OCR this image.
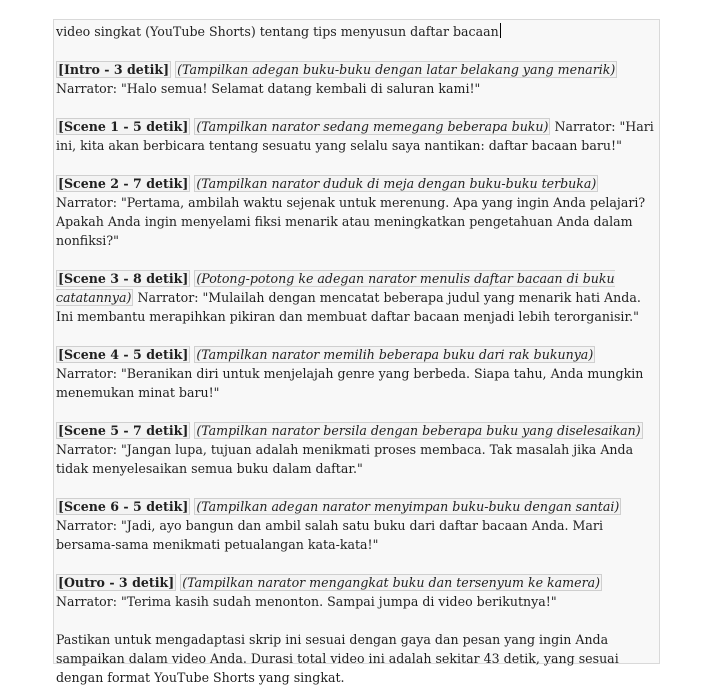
video singkat (YouTube Shorts) tentang tips menyusun daftar bacaan
[Intro - 3 detik] (Tampilkan adegan buku-buku dengan latar belakang yang menarik)
Narrator: "Halo semua! Selamat datang kembali di saluran kami!"
[Scene 1 - 5 detik] (Tampilkan narator sedang memegang beberapa buku) Narrator: "Hari ini, kita akan berbicara tentang sesuatu yang selalu saya nantikan: daftar bacaan baru!"
[Scene 2 - 7 detik] (Tampilkan narator duduk di meja dengan buku-buku terbuka) Narrator: "Pertama, ambilah waktu sejenak untuk merenung. Apa yang ingin Anda pelajari? Apakah Anda ingin menyelami fiksi menarik atau meningkatkan pengetahuan Anda dalam nonfiksi?"
[Scene 3 - 8 detik] (Potong-potong ke adegan narator menulis daftar bacaan di buku catatannya) Narrator: "Mulailah dengan mencatat beberapa judul yang menarik hati Anda. Ini membantu merapihkan pikiran dan membuat daftar bacaan menjadi lebih terorganisir."
[Scene 4 - 5 detik] (Tampilkan narator memilih beberapa buku dari rak bukunya) Narrator: "Beranikan diri untuk menjelajah genre yang berbeda. Siapa tahu, Anda mungkin menemukan minat baru!"
[Scene 5 - 7 detik] (Tampilkan narator bersila dengan beberapa buku yang diselesaikan)
Narrator: "Jangan lupa, tujuan adalah menikmati proses membaca. Tak masalah jika Anda tidak menyelesaikan semua buku dalam daftar."
[Scene 6 - 5 detik] (Tampilkan adegan narator menyimpan buku-buku dengan santai)
Narrator: "Jadi, ayo bangun dan ambil salah satu buku dari daftar bacaan Anda. Mari bersama-sama menikmati petualangan kata-kata!"
[Outro - 3 detik] (Tampilkan narator mengangkat buku dan tersenyum ke kamera) Narrator: "Terima kasih sudah menonton. Sampai jumpa di video berikutnya!"
Pastikan untuk mengadaptasi skrip ini sesuai dengan gaya dan pesan yang ingin Anda sampaikan dalam video Anda. Durasi total video ini adalah sekitar 43 detik, yang sesuai dengan format YouTube Shorts yang singkat.
